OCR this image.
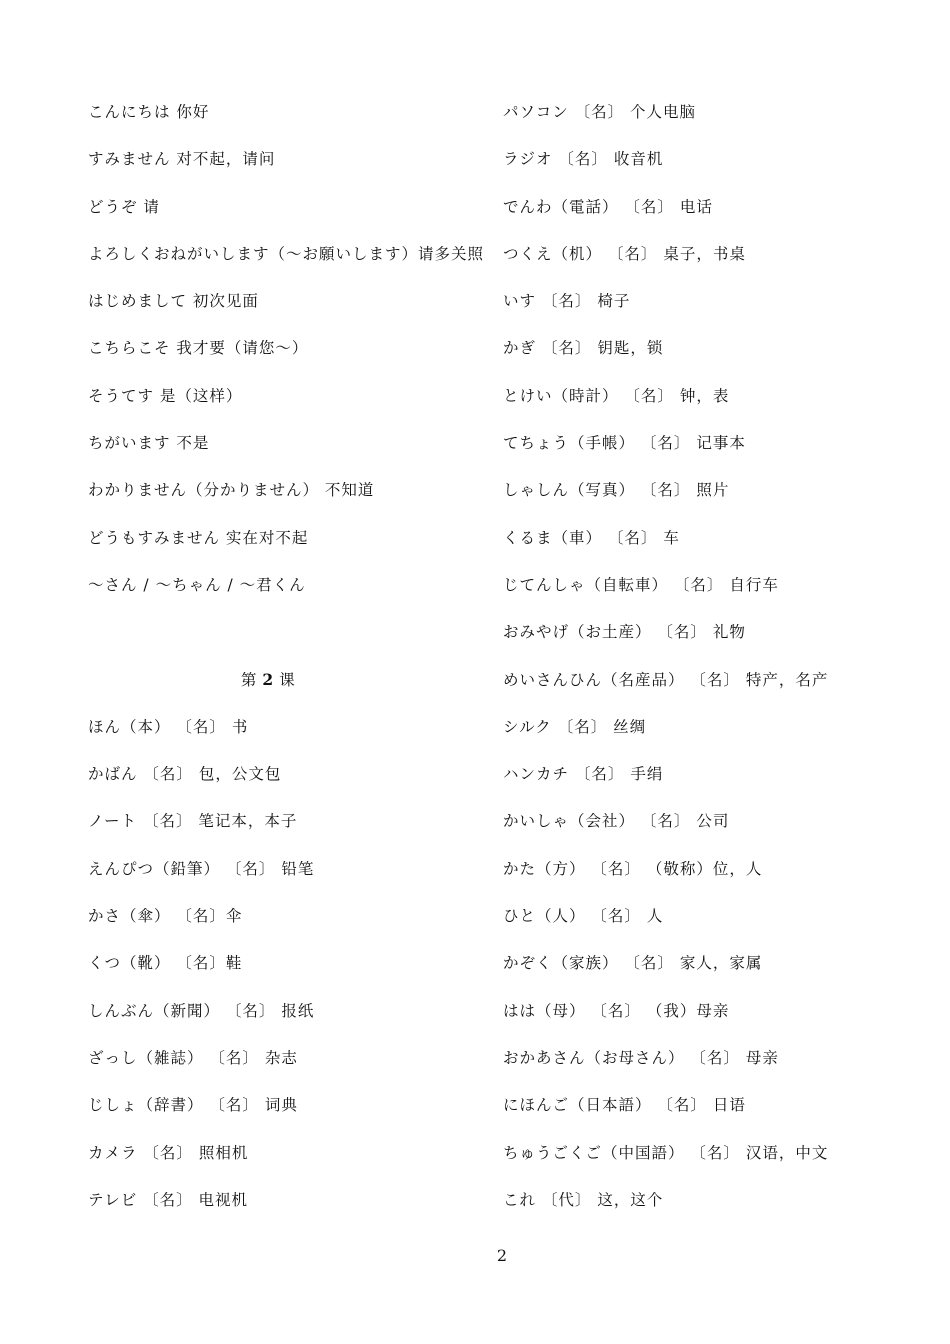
こんにちは 你好
すみません 对不起，请问
どうぞ 请
よろしくおねがいします（～お願いします）请多关照
はじめまして 初次见面
こちらこそ 我才要（请您～）
そうてす 是（这样）
ちがいます 不是
わかりません（分かりません） 不知道
どうもすみません 实在对不起
～さん / ～ちゃん / ～君くん
第 2 课
ほん（本） 〔名〕 书
かばん 〔名〕 包，公文包
ノート 〔名〕 笔记本，本子
えんぴつ（鉛筆） 〔名〕 铅笔
かさ（傘） 〔名〕伞
くつ（靴） 〔名〕鞋
しんぶん（新聞） 〔名〕 报纸
ざっし（雑誌） 〔名〕 杂志
じしょ（辞書） 〔名〕 词典
カメラ 〔名〕 照相机
テレビ 〔名〕 电视机
パソコン 〔名〕 个人电脑
ラジオ 〔名〕 收音机
でんわ（電話） 〔名〕 电话
つくえ（机） 〔名〕 桌子，书桌
いす 〔名〕 椅子
かぎ 〔名〕 钥匙，锁
とけい（時計） 〔名〕 钟，表
てちょう（手帳） 〔名〕 记事本
しゃしん（写真） 〔名〕 照片
くるま（車） 〔名〕 车
じてんしゃ（自転車） 〔名〕 自行车
おみやげ（お土産） 〔名〕 礼物
めいさんひん（名産品） 〔名〕 特产，名产
シルク 〔名〕 丝绸
ハンカチ 〔名〕 手绢
かいしゃ（会社） 〔名〕 公司
かた（方） 〔名〕 （敬称）位，人
ひと（人） 〔名〕 人
かぞく（家族） 〔名〕 家人，家属
はは（母） 〔名〕 （我）母亲
おかあさん（お母さん） 〔名〕 母亲
にほんご（日本語） 〔名〕 日语
ちゅうごくご（中国語） 〔名〕 汉语，中文
これ 〔代〕 这，这个
2
